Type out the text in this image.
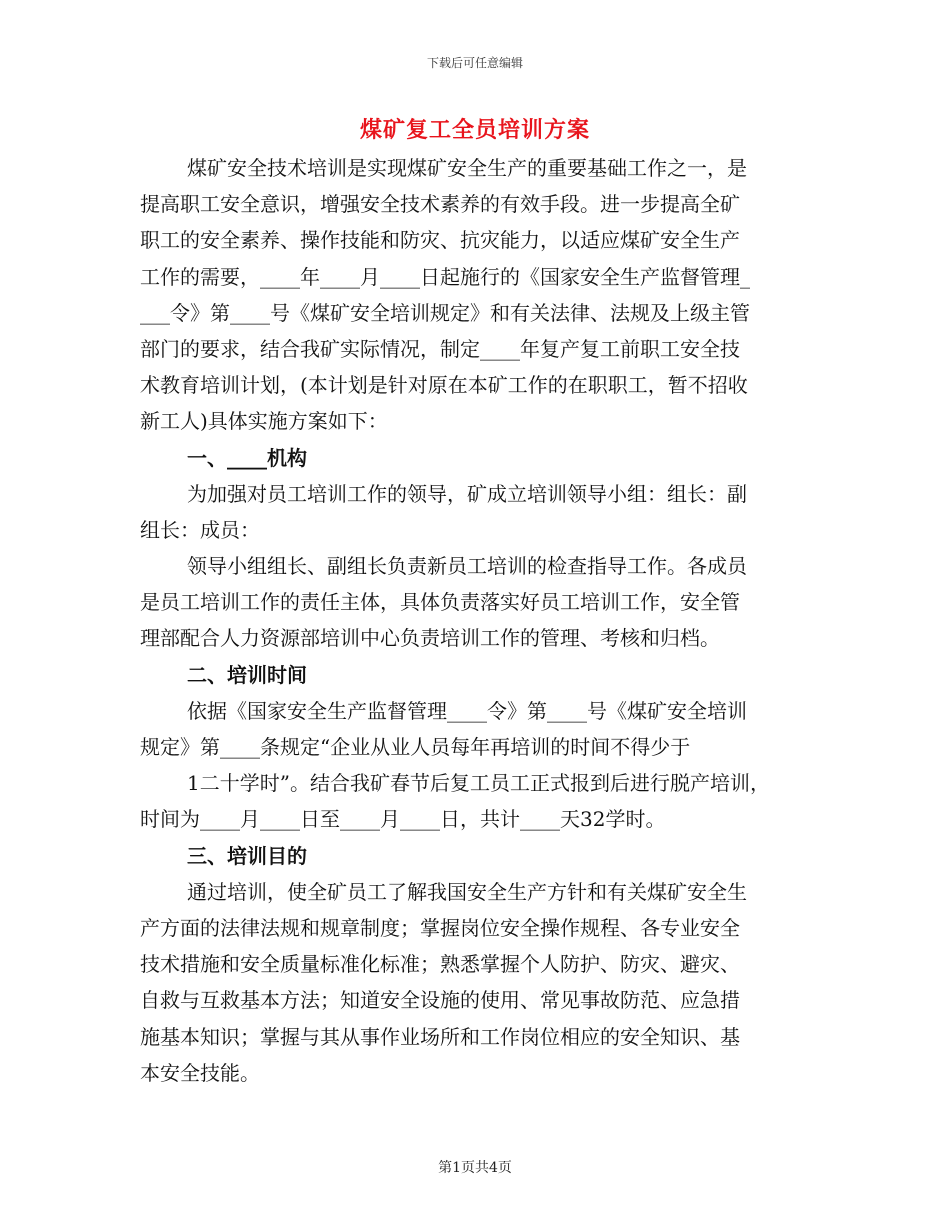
下载后可任意编辑
煤矿复工全员培训方案
煤矿安全技术培训是实现煤矿安全生产的重要基础工作之一，是
提高职工安全意识，增强安全技术素养的有效手段。进一步提高全矿
职工的安全素养、操作技能和防灾、抗灾能力，以适应煤矿安全生产
工作的需要，____年____月____日起施行的《国家安全生产监督管理_
___令》第____号《煤矿安全培训规定》和有关法律、法规及上级主管
部门的要求，结合我矿实际情况，制定____年复产复工前职工安全技
术教育培训计划，(本计划是针对原在本矿工作的在职职工，暂不招收
新工人)具体实施方案如下：
一、____机构
为加强对员工培训工作的领导，矿成立培训领导小组：组长：副
组长：成员：
领导小组组长、副组长负责新员工培训的检查指导工作。各成员
是员工培训工作的责任主体，具体负责落实好员工培训工作，安全管
理部配合人力资源部培训中心负责培训工作的管理、考核和归档。
二、培训时间
依据《国家安全生产监督管理____令》第____号《煤矿安全培训
规定》第____条规定“企业从业人员每年再培训的时间不得少于
1二十学时”。结合我矿春节后复工员工正式报到后进行脱产培训，
时间为____月____日至____月____日，共计____天32学时。
三、培训目的
通过培训，使全矿员工了解我国安全生产方针和有关煤矿安全生
产方面的法律法规和规章制度；掌握岗位安全操作规程、各专业安全
技术措施和安全质量标准化标准；熟悉掌握个人防护、防灾、避灾、
自救与互救基本方法；知道安全设施的使用、常见事故防范、应急措
施基本知识；掌握与其从事作业场所和工作岗位相应的安全知识、基
本安全技能。
第1页共4页
